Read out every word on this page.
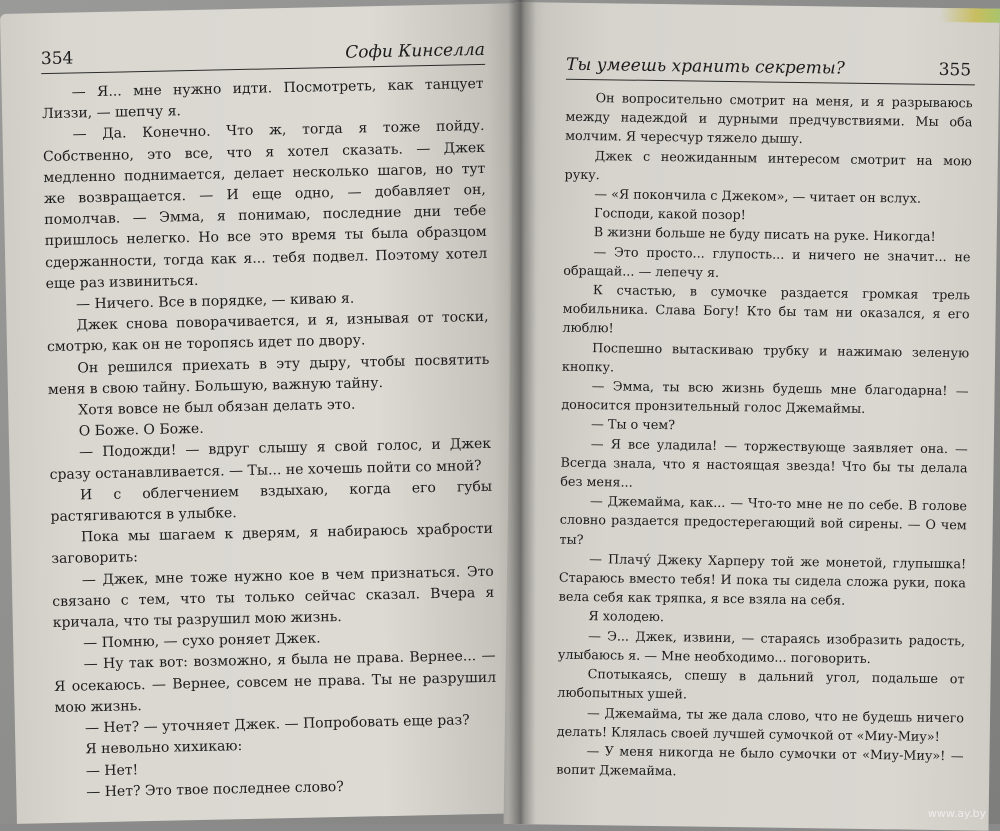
354	Софи Кинселла

— Я... мне нужно идти. Посмотреть, как танцует Лиззи, — шепчу я.

— Да. Конечно. Что ж, тогда я тоже пойду. Собственно, это все, что я хотел сказать. — Джек медленно поднимается, делает несколько шагов, но тут же возвращается. — И еще одно, — добавляет он, помолчав. — Эмма, я понимаю, последние дни тебе пришлось нелегко. Но все это время ты была образцом сдержанности, тогда как я... тебя подвел. Поэтому хотел еще раз извиниться.

— Ничего. Все в порядке, — киваю я.

Джек снова поворачивается, и я, изнывая от тоски, смотрю, как он не торопясь идет по двору.

Он решился приехать в эту дыру, чтобы посвятить меня в свою тайну. Большую, важную тайну.

Хотя вовсе не был обязан делать это.

О Боже. О Боже.

— Подожди! — вдруг слышу я свой голос, и Джек сразу останавливается. — Ты... не хочешь пойти со мной?

И с облегчением вздыхаю, когда его губы растягиваются в улыбке.

Пока мы шагаем к дверям, я набираюсь храбрости заговорить:

— Джек, мне тоже нужно кое в чем признаться. Это связано с тем, что ты только сейчас сказал. Вчера я кричала, что ты разрушил мою жизнь.

— Помню, — сухо роняет Джек.

— Ну так вот: возможно, я была не права. Вернее... — Я осекаюсь. — Вернее, совсем не права. Ты не разрушил мою жизнь.

— Нет? — уточняет Джек. — Попробовать еще раз?

Я невольно хихикаю:

— Нет!

— Нет? Это твое последнее слово?

Ты умеешь хранить секреты?	355

Он вопросительно смотрит на меня, и я разрываюсь между надеждой и дурными предчувствиями. Мы оба молчим. Я чересчур тяжело дышу.

Джек с неожиданным интересом смотрит на мою руку.

— «Я покончила с Джеком», — читает он вслух.

Господи, какой позор!

В жизни больше не буду писать на руке. Никогда!

— Это просто... глупость... и ничего не значит... не обращай... — лепечу я.

К счастью, в сумочке раздается громкая трель мобильника. Слава Богу! Кто бы там ни оказался, я его люблю!

Поспешно вытаскиваю трубку и нажимаю зеленую кнопку.

— Эмма, ты всю жизнь будешь мне благодарна! — доносится пронзительный голос Джемаймы.

— Ты о чем?

— Я все уладила! — торжествующе заявляет она. — Всегда знала, что я настоящая звезда! Что бы ты делала без меня...

— Джемайма, как... — Что-то мне не по себе. В голове словно раздается предостерегающий вой сирены. — О чем ты?

— Плачу́ Джеку Харперу той же монетой, глупышка! Стараюсь вместо тебя! И пока ты сидела сложа руки, пока вела себя как тряпка, я все взяла на себя.

Я холодею.

— Э... Джек, извини, — стараясь изобразить радость, улыбаюсь я. — Мне необходимо... поговорить.

Спотыкаясь, спешу в дальний угол, подальше от любопытных ушей.

— Джемайма, ты же дала слово, что не будешь ничего делать! Клялась своей лучшей сумочкой от «Миу-Миу»!

— У меня никогда не было сумочки от «Миу-Миу»! — вопит Джемайма.

www.ay.by
